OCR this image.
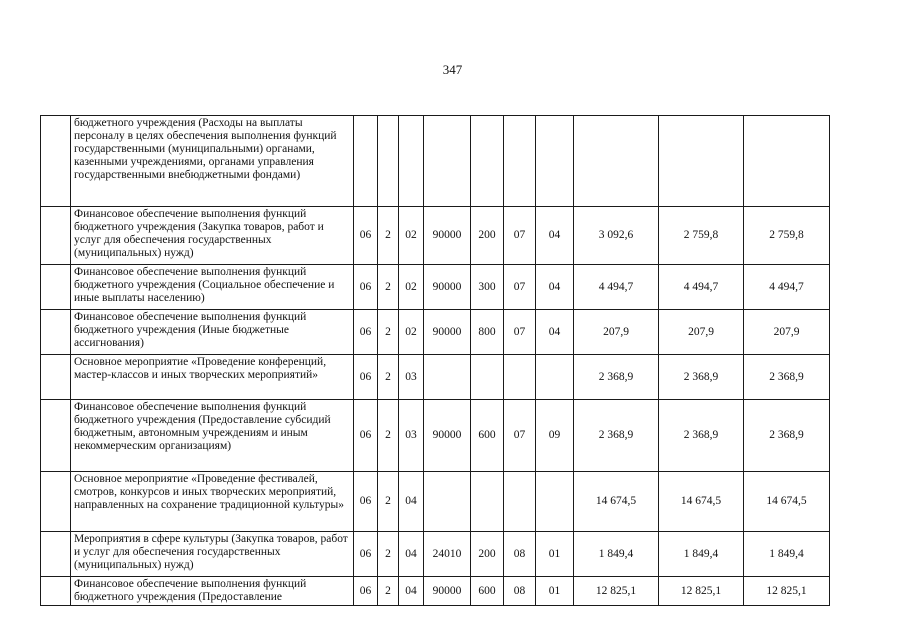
347
	бюджетного учреждения (Расходы на выплаты персоналу в целях обеспечения выполнения функций государственными (муниципальными) органами, казенными учреждениями, органами управления государственными внебюджетными фондами)										
	Финансовое обеспечение выполнения функций бюджетного учреждения (Закупка товаров, работ и услуг для обеспечения государственных (муниципальных) нужд)	06	2	02	90000	200	07	04	3 092,6	2 759,8	2 759,8
	Финансовое обеспечение выполнения функций бюджетного учреждения (Социальное обеспечение и иные выплаты населению)	06	2	02	90000	300	07	04	4 494,7	4 494,7	4 494,7
	Финансовое обеспечение выполнения функций бюджетного учреждения (Иные бюджетные ассигнования)	06	2	02	90000	800	07	04	207,9	207,9	207,9
	Основное мероприятие «Проведение конференций, мастер-классов и иных творческих мероприятий»	06	2	03					2 368,9	2 368,9	2 368,9
	Финансовое обеспечение выполнения функций бюджетного учреждения (Предоставление субсидий бюджетным, автономным учреждениям и иным некоммерческим организациям)	06	2	03	90000	600	07	09	2 368,9	2 368,9	2 368,9
	Основное мероприятие «Проведение фестивалей, смотров, конкурсов и иных творческих мероприятий, направленных на сохранение традиционной культуры»	06	2	04					14 674,5	14 674,5	14 674,5
	Мероприятия в сфере культуры (Закупка товаров, работ и услуг для обеспечения государственных (муниципальных) нужд)	06	2	04	24010	200	08	01	1 849,4	1 849,4	1 849,4
	Финансовое обеспечение выполнения функций бюджетного учреждения (Предоставление	06	2	04	90000	600	08	01	12 825,1	12 825,1	12 825,1
